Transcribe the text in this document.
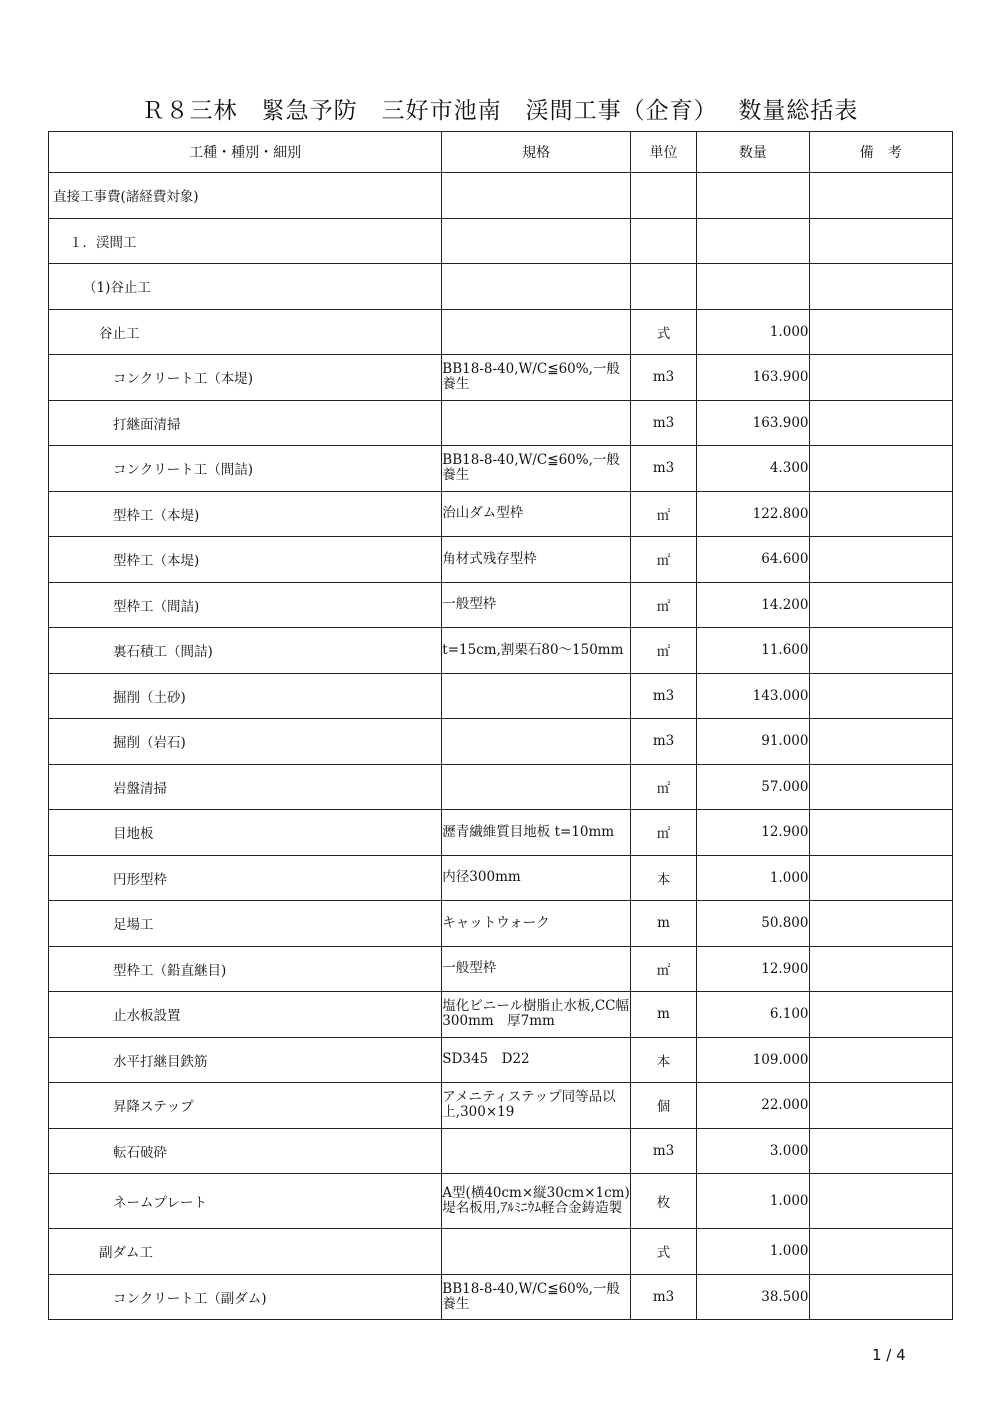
Ｒ８三林　緊急予防　三好市池南　渓間工事（企育）　 数量総括表
工種・種別・細別	規格	単位	数量	備　考
直接工事費(諸経費対象)				
１．渓間工				
（1)谷止工				
谷止工		式	1.000	
コンクリート工（本堤)	BB18-8-40,W/C≦60%,一般養生	m3	163.900	
打継面清掃		m3	163.900	
コンクリート工（間詰)	BB18-8-40,W/C≦60%,一般養生	m3	4.300	
型枠工（本堤)	治山ダム型枠	㎡	122.800	
型枠工（本堤)	角材式残存型枠	㎡	64.600	
型枠工（間詰)	一般型枠	㎡	14.200	
裏石積工（間詰)	t=15cm,割栗石80～150mm	㎡	11.600	
掘削（土砂)		m3	143.000	
掘削（岩石)		m3	91.000	
岩盤清掃		㎡	57.000	
目地板	瀝青繊維質目地板 t=10mm	㎡	12.900	
円形型枠	内径300mm	本	1.000	
足場工	キャットウォーク	m	50.800	
型枠工（鉛直継目)	一般型枠	㎡	12.900	
止水板設置	塩化ビニール樹脂止水板,CC幅300mm　厚7mm	m	6.100	
水平打継目鉄筋	SD345　D22	本	109.000	
昇降ステップ	アメニティステップ同等品以上,300×19	個	22.000	
転石破砕		m3	3.000	
ネームプレート	A型(横40cm×縦30cm×1cm)　堤名板用,ｱﾙﾐﾆｳﾑ軽合金鋳造製	枚	1.000	
副ダム工		式	1.000	
コンクリート工（副ダム)	BB18-8-40,W/C≦60%,一般養生	m3	38.500	
1 / 4
